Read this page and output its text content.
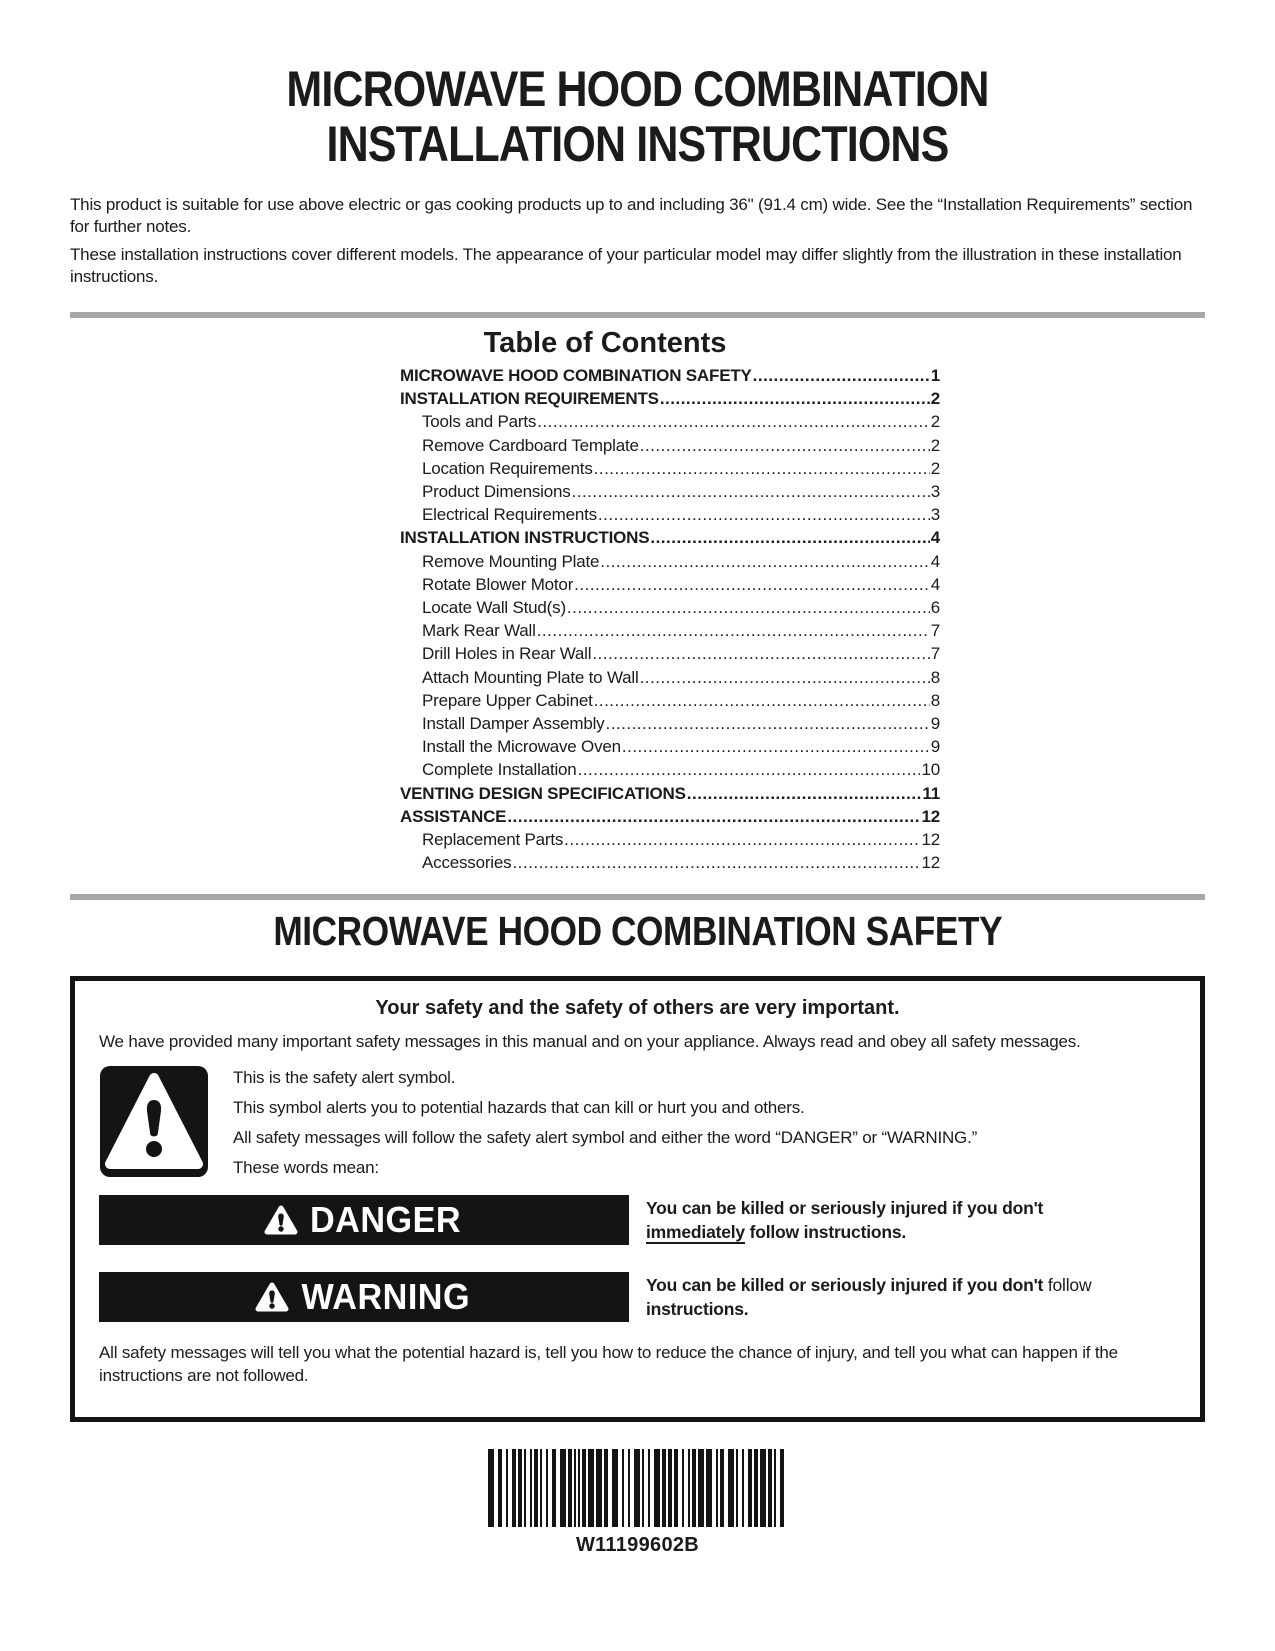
MICROWAVE HOOD COMBINATION
INSTALLATION INSTRUCTIONS

This product is suitable for use above electric or gas cooking products up to and including 36" (91.4 cm) wide. See the “Installation Requirements” section for further notes.

These installation instructions cover different models. The appearance of your particular model may differ slightly from the illustration in these installation instructions.

Table of Contents
MICROWAVE HOOD COMBINATION SAFETY .....	1
INSTALLATION REQUIREMENTS .....	2
Tools and Parts .....	2
Remove Cardboard Template .....	2
Location Requirements .....	2
Product Dimensions .....	3
Electrical Requirements .....	3
INSTALLATION INSTRUCTIONS .....	4
Remove Mounting Plate .....	4
Rotate Blower Motor .....	4
Locate Wall Stud(s) .....	6
Mark Rear Wall .....	7
Drill Holes in Rear Wall .....	7
Attach Mounting Plate to Wall .....	8
Prepare Upper Cabinet .....	8
Install Damper Assembly .....	9
Install the Microwave Oven .....	9
Complete Installation .....	10
VENTING DESIGN SPECIFICATIONS .....	11
ASSISTANCE .....	12
Replacement Parts .....	12
Accessories .....	12
MICROWAVE HOOD COMBINATION SAFETY

Your safety and the safety of others are very important.

We have provided many important safety messages in this manual and on your appliance. Always read and obey all safety messages.

This is the safety alert symbol.

This symbol alerts you to potential hazards that can kill or hurt you and others.

All safety messages will follow the safety alert symbol and either the word “DANGER” or “WARNING.”

These words mean:

DANGER	You can be killed or seriously injured if you don't immediately follow instructions.

WARNING	You can be killed or seriously injured if you don't follow instructions.

All safety messages will tell you what the potential hazard is, tell you how to reduce the chance of injury, and tell you what can happen if the instructions are not followed.

W11199602B
